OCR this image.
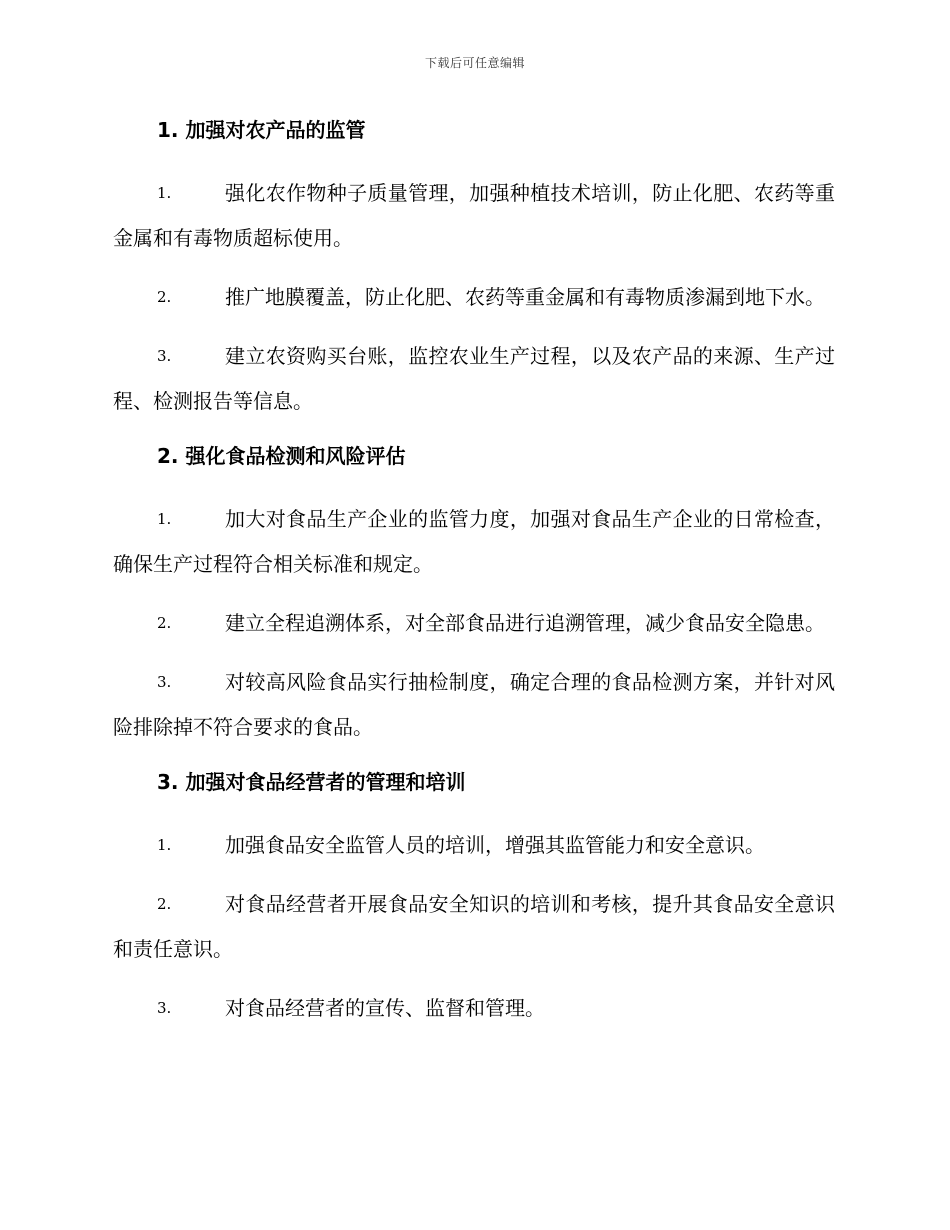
下载后可任意编辑
1. 加强对农产品的监管

1.	强化农作物种子质量管理，加强种植技术培训，防止化肥、农药等重金属和有毒物质超标使用。

2.	推广地膜覆盖，防止化肥、农药等重金属和有毒物质渗漏到地下水。

3.	建立农资购买台账，监控农业生产过程，以及农产品的来源、生产过程、检测报告等信息。

2. 强化食品检测和风险评估

1.	加大对食品生产企业的监管力度，加强对食品生产企业的日常检查，确保生产过程符合相关标准和规定。

2.	建立全程追溯体系，对全部食品进行追溯管理，减少食品安全隐患。

3.	对较高风险食品实行抽检制度，确定合理的食品检测方案，并针对风险排除掉不符合要求的食品。

3. 加强对食品经营者的管理和培训

1.	加强食品安全监管人员的培训，增强其监管能力和安全意识。

2.	对食品经营者开展食品安全知识的培训和考核，提升其食品安全意识和责任意识。

3.	对食品经营者的宣传、监督和管理。
